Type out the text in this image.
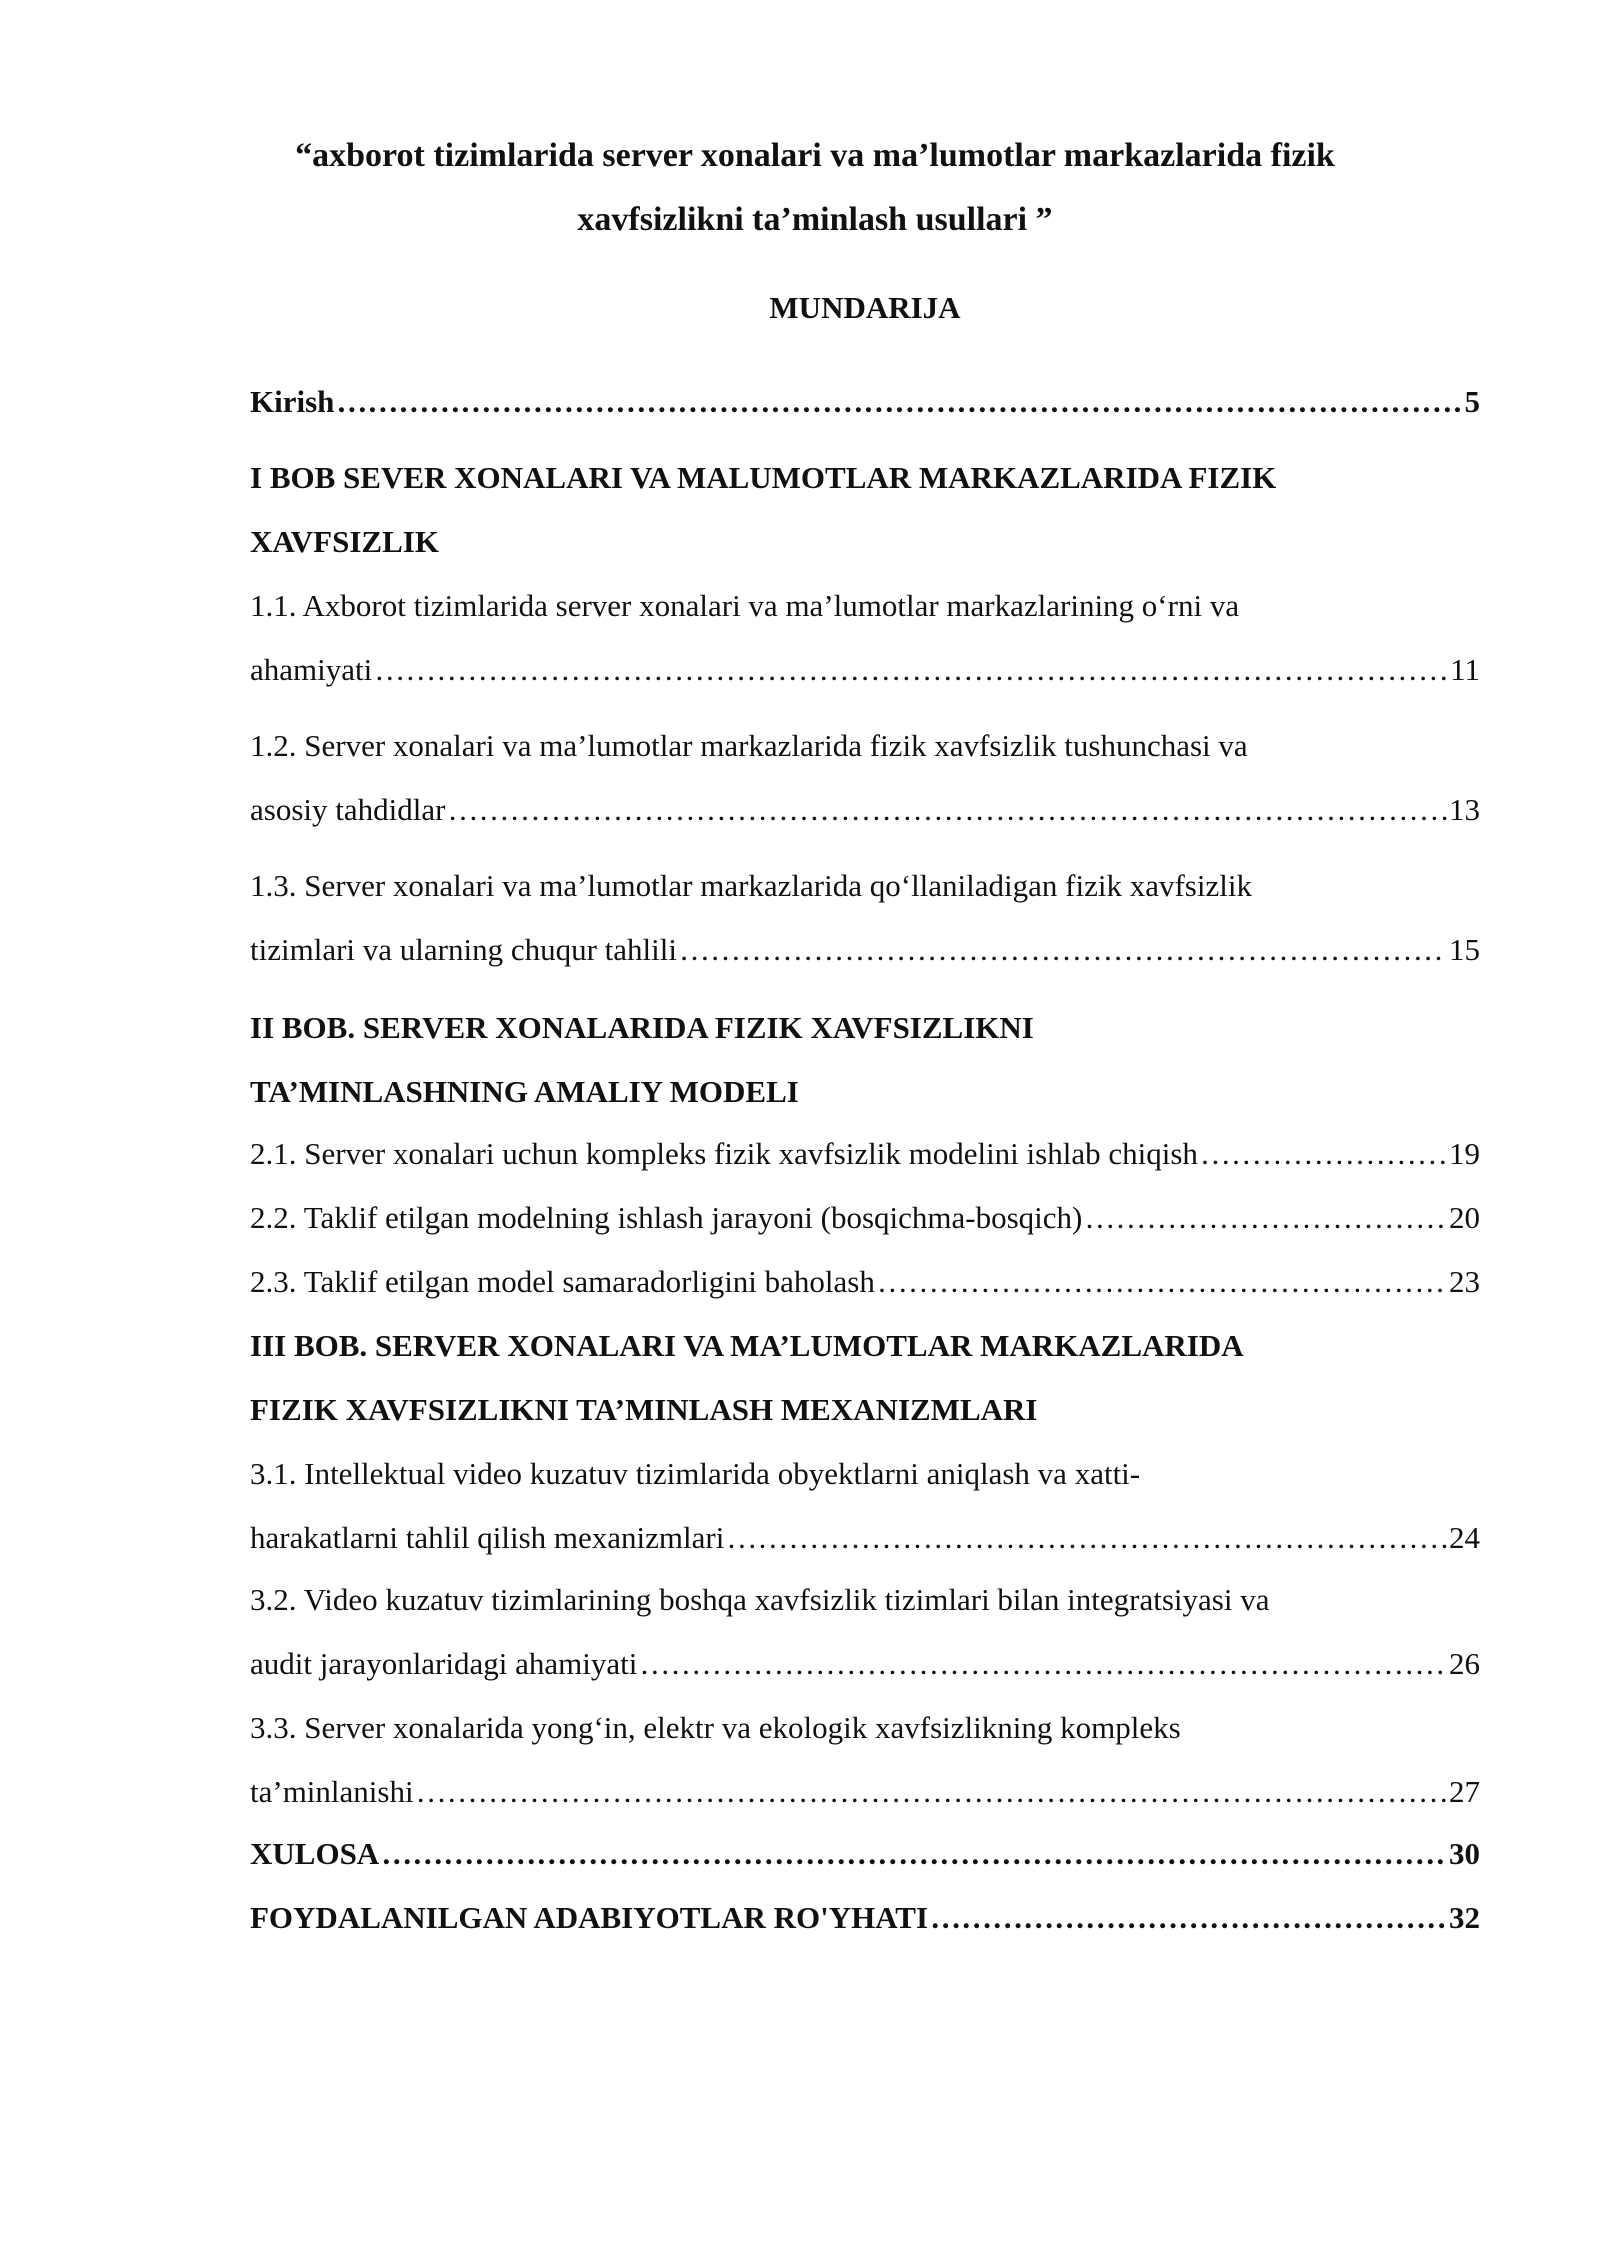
“axborot tizimlarida server xonalari va ma’lumotlar markazlarida fizik
xavfsizlikni ta’minlash usullari ”
MUNDARIJA
Kirish ………………………………………………………………………………………………………………………………………………………………………………………………………………………………………………………	5
I BOB SEVER XONALARI VA MALUMOTLAR MARKAZLARIDA FIZIK
XAVFSIZLIK
1.1. Axborot tizimlarida server xonalari va ma’lumotlar markazlarining o‘rni va
ahamiyati ………………………………………………………………………………………………………………………………………………………………………………………………………………………………………………………	11
1.2. Server xonalari va ma’lumotlar markazlarida fizik xavfsizlik tushunchasi va
asosiy tahdidlar ………………………………………………………………………………………………………………………………………………………………………………………………………………………………………………………	13
1.3. Server xonalari va ma’lumotlar markazlarida qo‘llaniladigan fizik xavfsizlik
tizimlari va ularning chuqur tahlili ………………………………………………………………………………………………………………………………………………………………………………………………………………………………………………………	15
II BOB. SERVER XONALARIDA FIZIK XAVFSIZLIKNI
TA’MINLASHNING AMALIY MODELI
2.1. Server xonalari uchun kompleks fizik xavfsizlik modelini ishlab chiqish ………………………………………………………………………………………………………………………………………………………………………………………………………………………………………………………	19
2.2. Taklif etilgan modelning ishlash jarayoni (bosqichma-bosqich) ………………………………………………………………………………………………………………………………………………………………………………………………………………………………………………………	20
2.3. Taklif etilgan model samaradorligini baholash ………………………………………………………………………………………………………………………………………………………………………………………………………………………………………………………	23
III BOB. SERVER XONALARI VA MA’LUMOTLAR MARKAZLARIDA
FIZIK XAVFSIZLIKNI TA’MINLASH MEXANIZMLARI
3.1. Intellektual video kuzatuv tizimlarida obyektlarni aniqlash va xatti-
harakatlarni tahlil qilish mexanizmlari ………………………………………………………………………………………………………………………………………………………………………………………………………………………………………………………	24
3.2. Video kuzatuv tizimlarining boshqa xavfsizlik tizimlari bilan integratsiyasi va
audit jarayonlaridagi ahamiyati ………………………………………………………………………………………………………………………………………………………………………………………………………………………………………………………	26
3.3. Server xonalarida yong‘in, elektr va ekologik xavfsizlikning kompleks
ta’minlanishi ………………………………………………………………………………………………………………………………………………………………………………………………………………………………………………………	27
XULOSA ………………………………………………………………………………………………………………………………………………………………………………………………………………………………………………………	30
FOYDALANILGAN ADABIYOTLAR RO'YHATI ………………………………………………………………………………………………………………………………………………………………………………………………………………………………………………………	32
